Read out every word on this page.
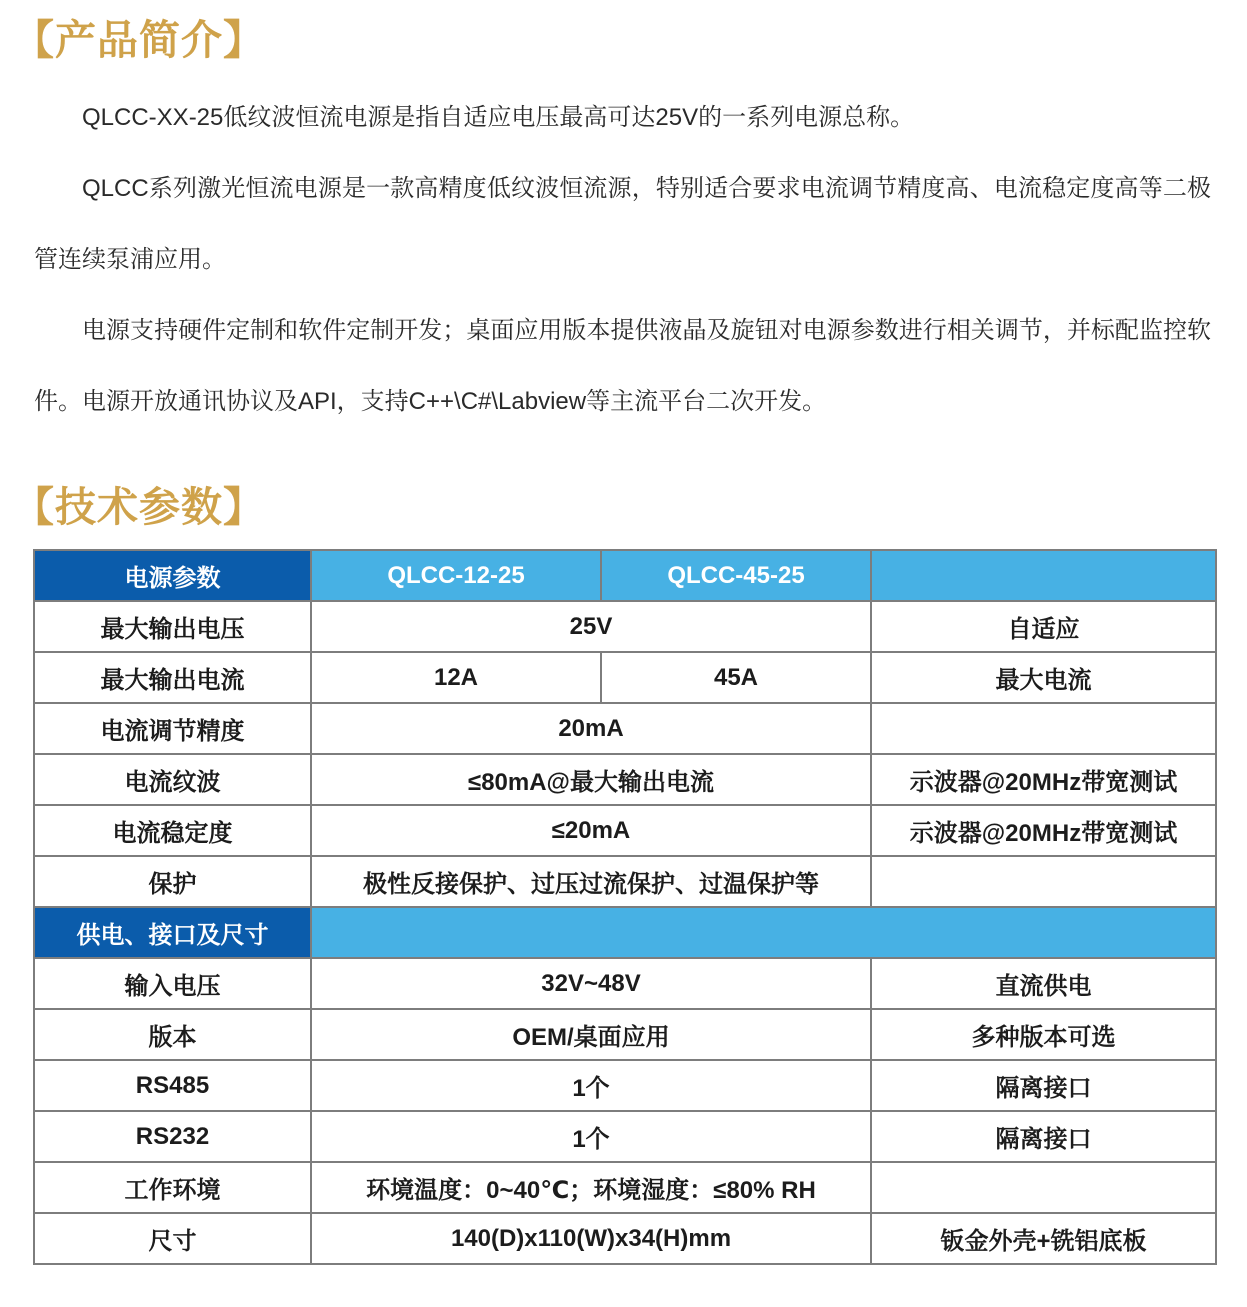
【产品简介】

QLCC-XX-25低纹波恒流电源是指自适应电压最高可达25V的一系列电源总称。

QLCC系列激光恒流电源是一款高精度低纹波恒流源，特别适合要求电流调节精度高、电流稳定度高等二极管连续泵浦应用。

电源支持硬件定制和软件定制开发；桌面应用版本提供液晶及旋钮对电源参数进行相关调节，并标配监控软件。电源开放通讯协议及API，支持C++\C#\Labview等主流平台二次开发。

【技术参数】
电源参数	QLCC-12-25	QLCC-45-25	
最大输出电压	25V		自适应
最大输出电流	12A	45A	最大电流
电流调节精度	20mA		
电流纹波	≤80mA@最大输出电流		示波器@20MHz带宽测试
电流稳定度	≤20mA		示波器@20MHz带宽测试
保护	极性反接保护、过压过流保护、过温保护等		
供电、接口及尺寸			
输入电压	32V~48V		直流供电
版本	OEM/桌面应用		多种版本可选
RS485	1个		隔离接口
RS232	1个		隔离接口
工作环境	环境温度：0~40℃；环境湿度：≤80% RH		
尺寸	140(D)x110(W)x34(H)mm		钣金外壳+铣铝底板
